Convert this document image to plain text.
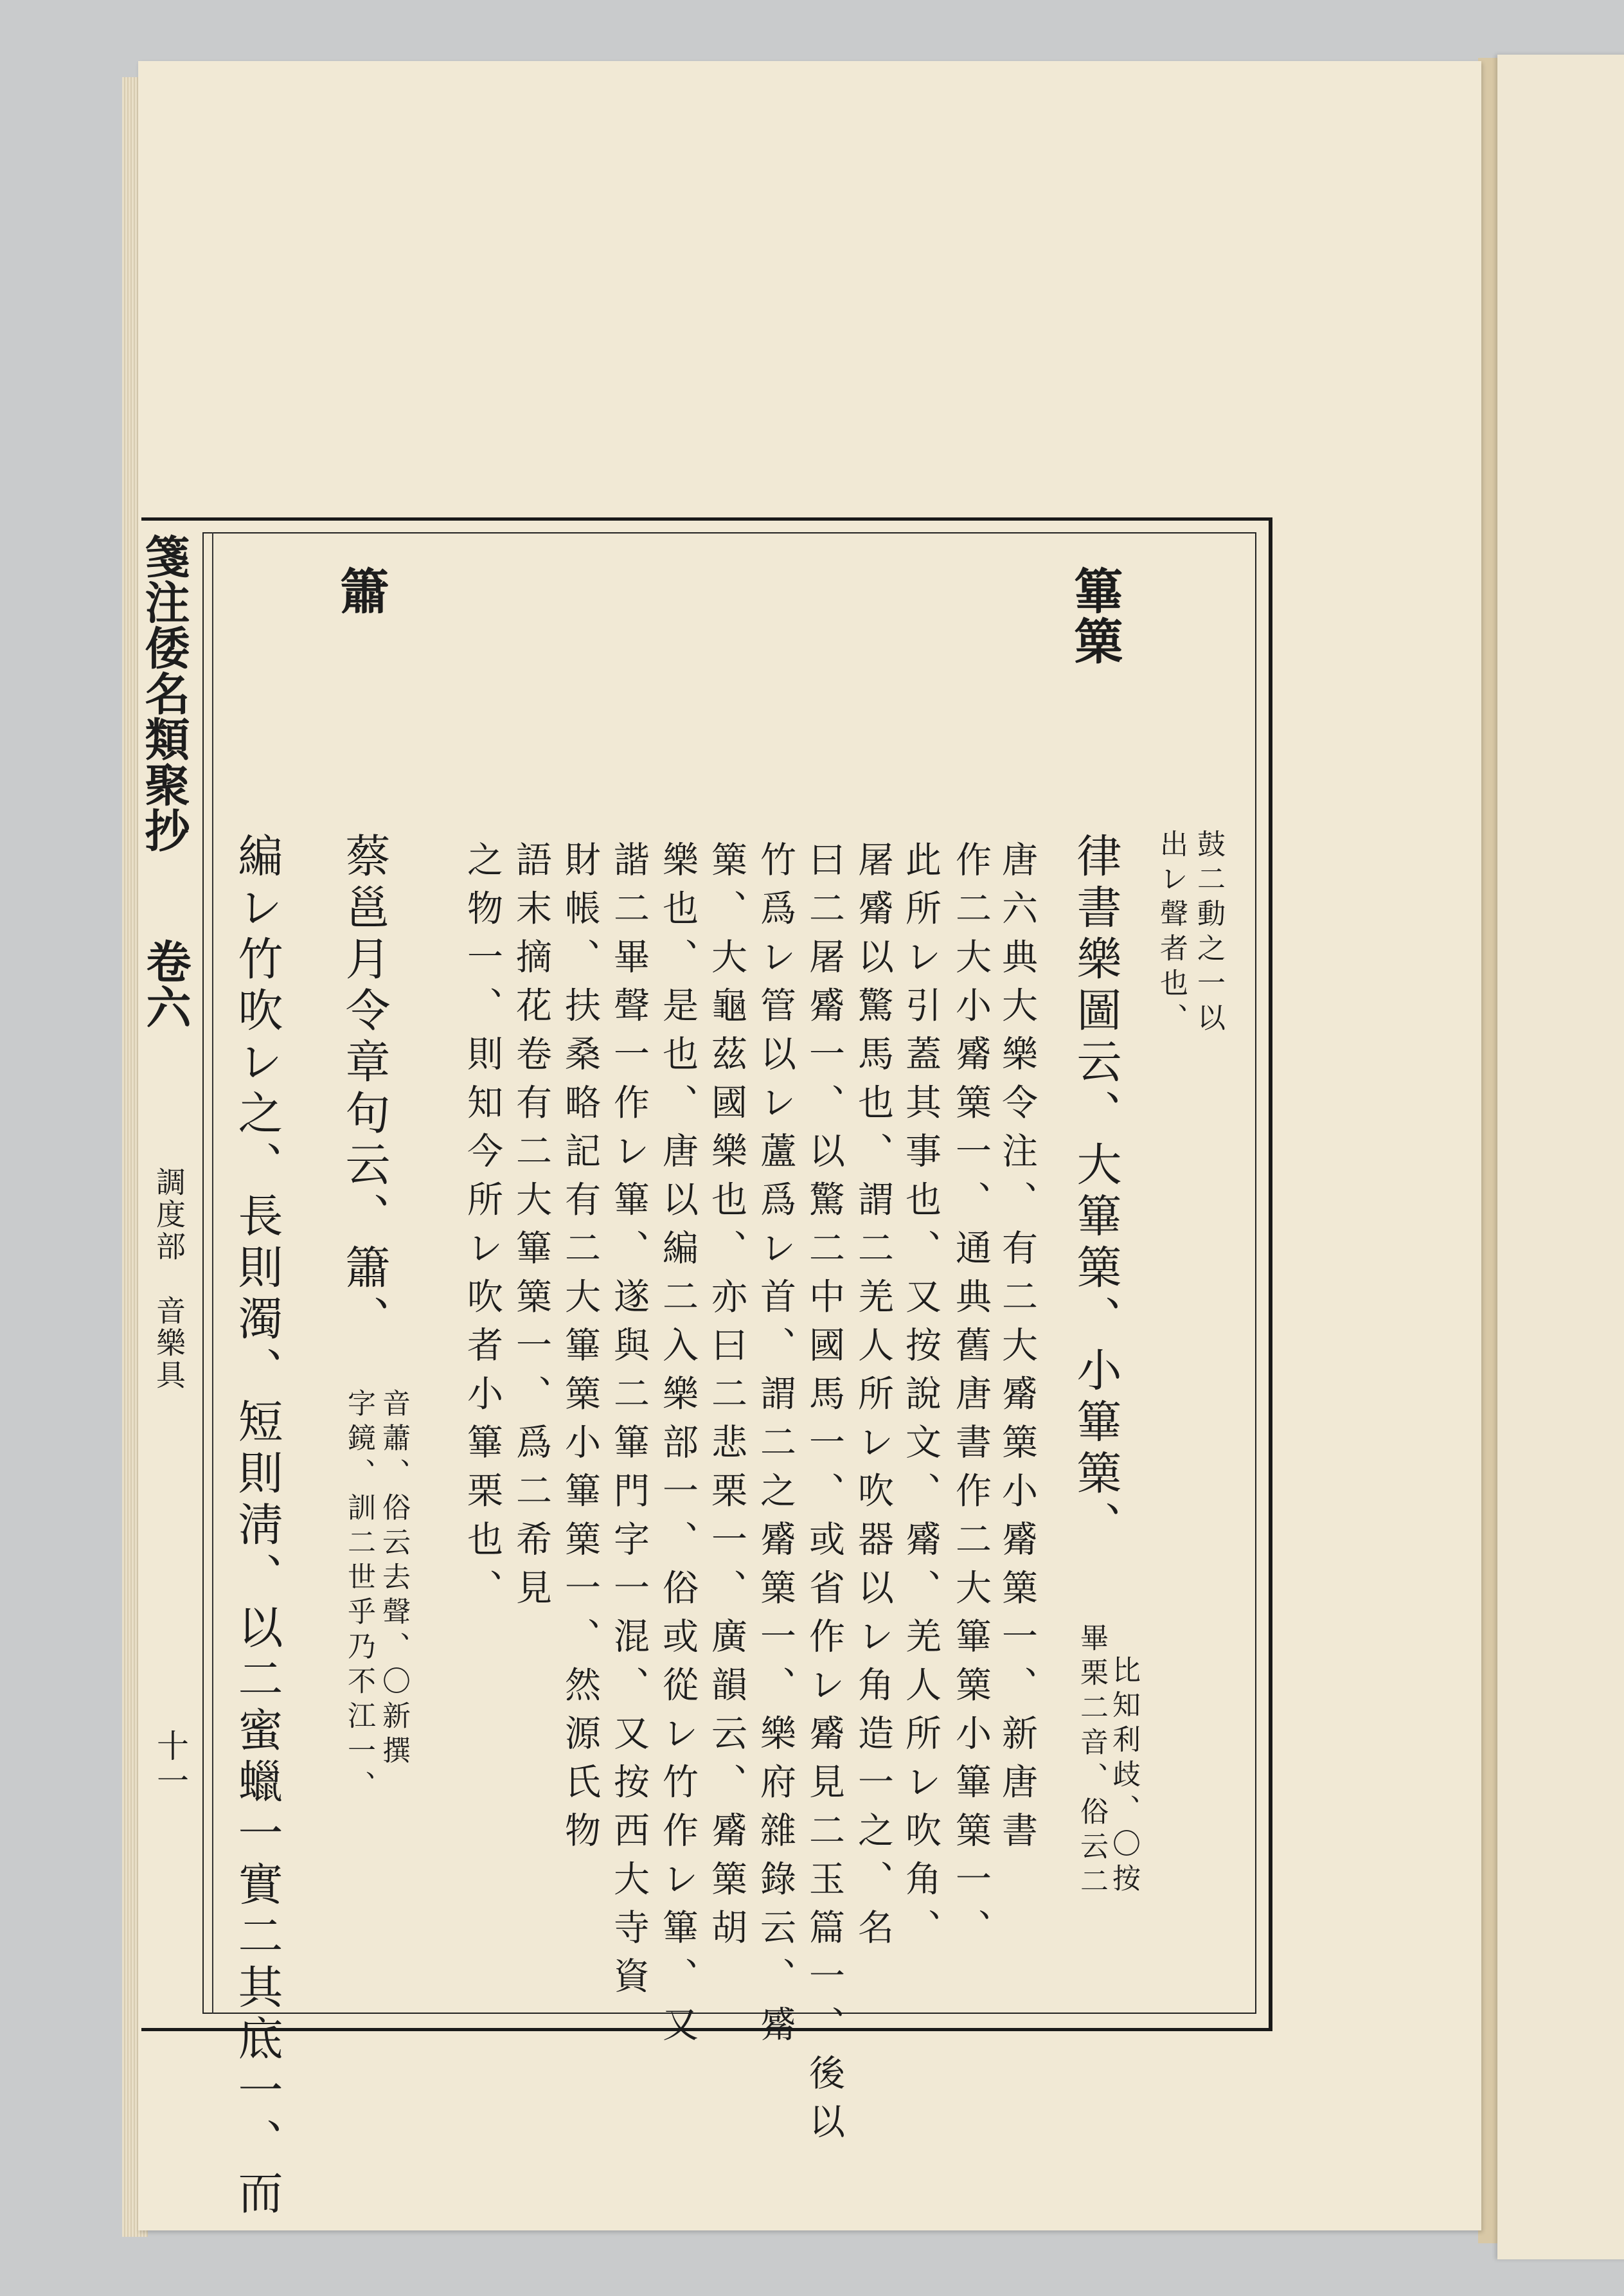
箋注倭名類聚抄
卷六
調度部　音樂具
十一
篳篥
簫
鼓二動之一以
出レ聲者也、
律書樂圖云、大篳篥、小篳篥、
比知利歧、〇按
畢栗二音、俗云二
唐六典大樂令注、有二大觱篥小觱篥一、新唐書
作二大小觱篥一、通典舊唐書作二大篳篥小篳篥一、
此所レ引蓋其事也、又按說文、觱、羌人所レ吹角、
屠觱以驚馬也、謂二羌人所レ吹器以レ角造一之、名
曰二屠觱一、以驚二中國馬一、或省作レ觱見二玉篇一、後以
竹爲レ管以レ蘆爲レ首、謂二之觱篥一、樂府雜錄云、觱
篥、大龜茲國樂也、亦曰二悲栗一、廣韻云、觱篥胡
樂也、是也、唐以編二入樂部一、俗或從レ竹作レ篳、又
諧二畢聲一作レ篳、遂與二篳門字一混、又按西大寺資
財帳、扶桑略記有二大篳篥小篳篥一、然源氏物
語末摘花卷有二大篳篥一、爲二希見
之物一、則知今所レ吹者小篳栗也、
蔡邕月令章句云、簫、
音蕭、俗云去聲、〇新撰
字鏡、訓二世乎乃不江一、
編レ竹吹レ之、長則濁、短則淸、以二蜜蠟一實二其底一、而
